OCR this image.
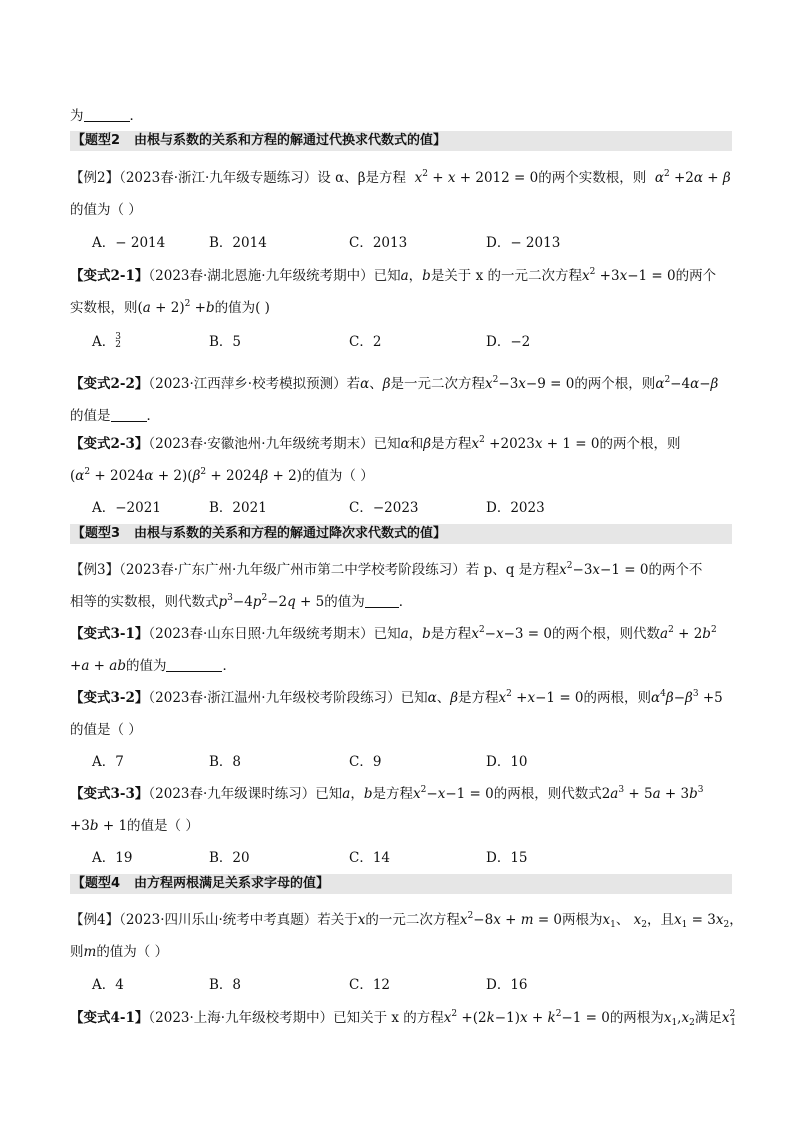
为	．
【题型2 由根与系数的关系和方程的解通过代换求代数式的值】
【例2】（2023春·浙江·九年级专题练习）设 α、β是方程 $x^2 + x + 2012 = 0$的两个实数根，则 $\alpha^2 +2\alpha + \beta$
的值为（ ）
A．− 2014	B．2014	C．2013	D．− 2013
【变式2-1】（2023春·湖北恩施·九年级统考期中）已知a，b是关于 x 的一元二次方程$x^2 +3x-1 = 0$的两个
实数根，则$(a + 2)^2 +b$的值为( )
A．3
2	B．5	C．2	D．−2
【变式2-2】（2023·江西萍乡·校考模拟预测）若α、β是一元二次方程$x^2-3x-9 = 0$的两个根，则$\alpha^2-4\alpha-\beta$
的值是	．
【变式2-3】（2023春·安徽池州·九年级统考期末）已知α和β是方程$x^2 +2023x + 1 = 0$的两个根，则
$(\alpha^2 + 2024\alpha + 2)(\beta^2 + 2024\beta + 2)$的值为（ ）
A．−2021	B．2021	C．−2023	D．2023
【题型3 由根与系数的关系和方程的解通过降次求代数式的值】
【例3】（2023春·广东广州·九年级广州市第二中学校考阶段练习）若 p、q 是方程$x^2-3x-1 = 0$的两个不
相等的实数根，则代数式$p^3-4p^2-2q + 5$的值为	．
【变式3-1】（2023春·山东日照·九年级统考期末）已知a，b是方程$x^2-x-3 = 0$的两个根，则代数$a^2 + 2b^2$
+a + ab的值为	．
【变式3-2】（2023春·浙江温州·九年级校考阶段练习）已知α、β是方程$x^2 +x-1 = 0$的两根，则$\alpha^4\beta-\beta^3 +5$
的值是（ ）
A．7	B．8	C．9	D．10
【变式3-3】（2023春·九年级课时练习）已知a，b是方程$x^2-x-1 = 0$的两根，则代数式$2a^3 + 5a + 3b^3$
+3b + 1的值是（ ）
A．19	B．20	C．14	D．15
【题型4 由方程两根满足关系求字母的值】
【例4】（2023·四川乐山·统考中考真题）若关于x的一元二次方程$x^2-8x + m = 0$两根为$x_1$、 $x_2$，且$x_1 = 3x_2$，
则m的值为（ ）
A．4	B．8	C．12	D．16
【变式4-1】（2023·上海·九年级校考期中）已知关于 x 的方程$x^2 +(2k-1)x + k^2-1 = 0$的两根为$x_1,x_2$满足$x^2_1$
